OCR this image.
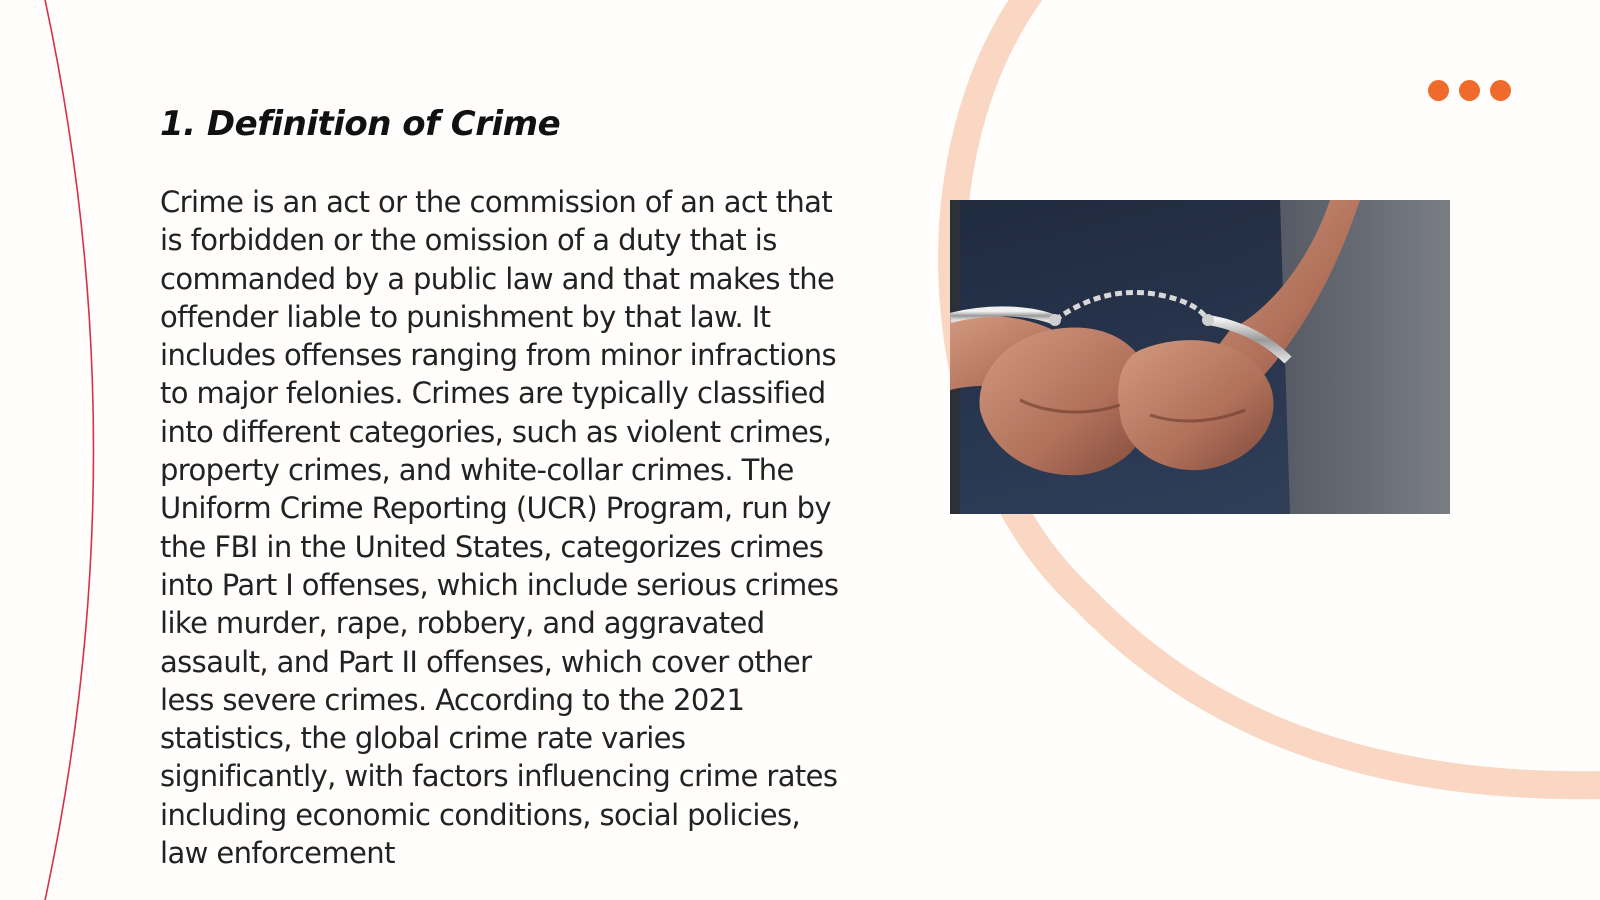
1. Definition of Crime

Crime is an act or the commission of an act that is forbidden or the omission of a duty that is commanded by a public law and that makes the offender liable to punishment by that law. It includes offenses ranging from minor infractions to major felonies. Crimes are typically classified into different categories, such as violent crimes, property crimes, and white-collar crimes. The Uniform Crime Reporting (UCR) Program, run by the FBI in the United States, categorizes crimes into Part I offenses, which include serious crimes like murder, rape, robbery, and aggravated assault, and Part II offenses, which cover other less severe crimes. According to the 2021 statistics, the global crime rate varies significantly, with factors influencing crime rates including economic conditions, social policies, law enforcement
